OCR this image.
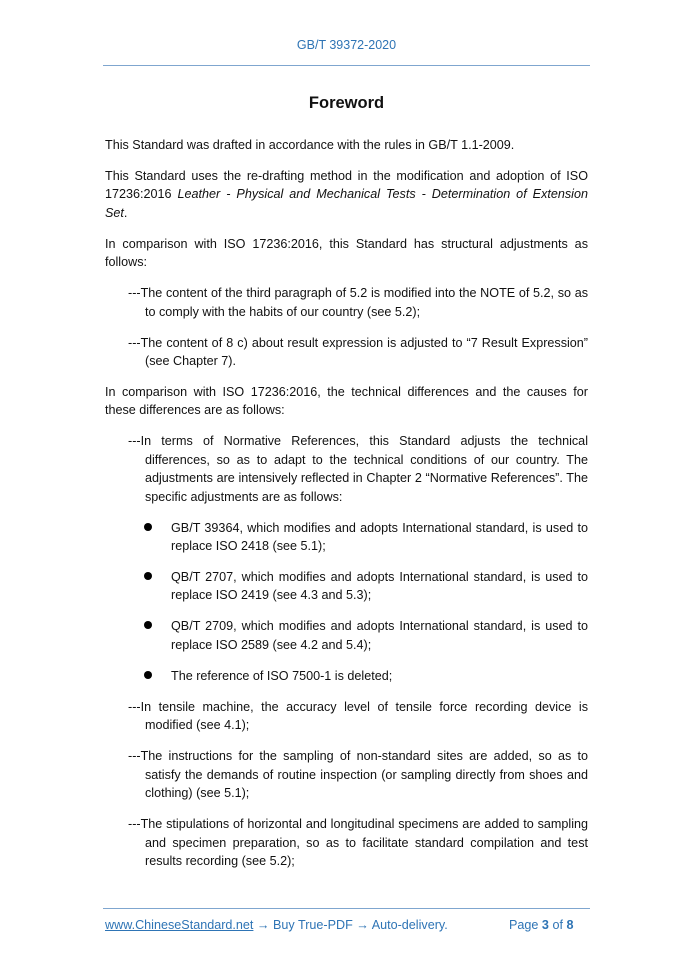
GB/T 39372-2020
Foreword

This Standard was drafted in accordance with the rules in GB/T 1.1-2009.

This Standard uses the re-drafting method in the modification and adoption of ISO 17236:2016 Leather - Physical and Mechanical Tests - Determination of Extension Set.

In comparison with ISO 17236:2016, this Standard has structural adjustments as follows:

---The content of the third paragraph of 5.2 is modified into the NOTE of 5.2, so as to comply with the habits of our country (see 5.2);

---The content of 8 c) about result expression is adjusted to “7 Result Expression” (see Chapter 7).

In comparison with ISO 17236:2016, the technical differences and the causes for these differences are as follows:

---In terms of Normative References, this Standard adjusts the technical differences, so as to adapt to the technical conditions of our country. The adjustments are intensively reflected in Chapter 2 “Normative References”. The specific adjustments are as follows:

GB/T 39364, which modifies and adopts International standard, is used to replace ISO 2418 (see 5.1);
QB/T 2707, which modifies and adopts International standard, is used to replace ISO 2419 (see 4.3 and 5.3);
QB/T 2709, which modifies and adopts International standard, is used to replace ISO 2589 (see 4.2 and 5.4);
The reference of ISO 7500-1 is deleted;

---In tensile machine, the accuracy level of tensile force recording device is modified (see 4.1);

---The instructions for the sampling of non-standard sites are added, so as to satisfy the demands of routine inspection (or sampling directly from shoes and clothing) (see 5.1);

---The stipulations of horizontal and longitudinal specimens are added to sampling and specimen preparation, so as to facilitate standard compilation and test results recording (see 5.2);

www.ChineseStandard.net → Buy True-PDF → Auto-delivery.	Page 3 of 8
